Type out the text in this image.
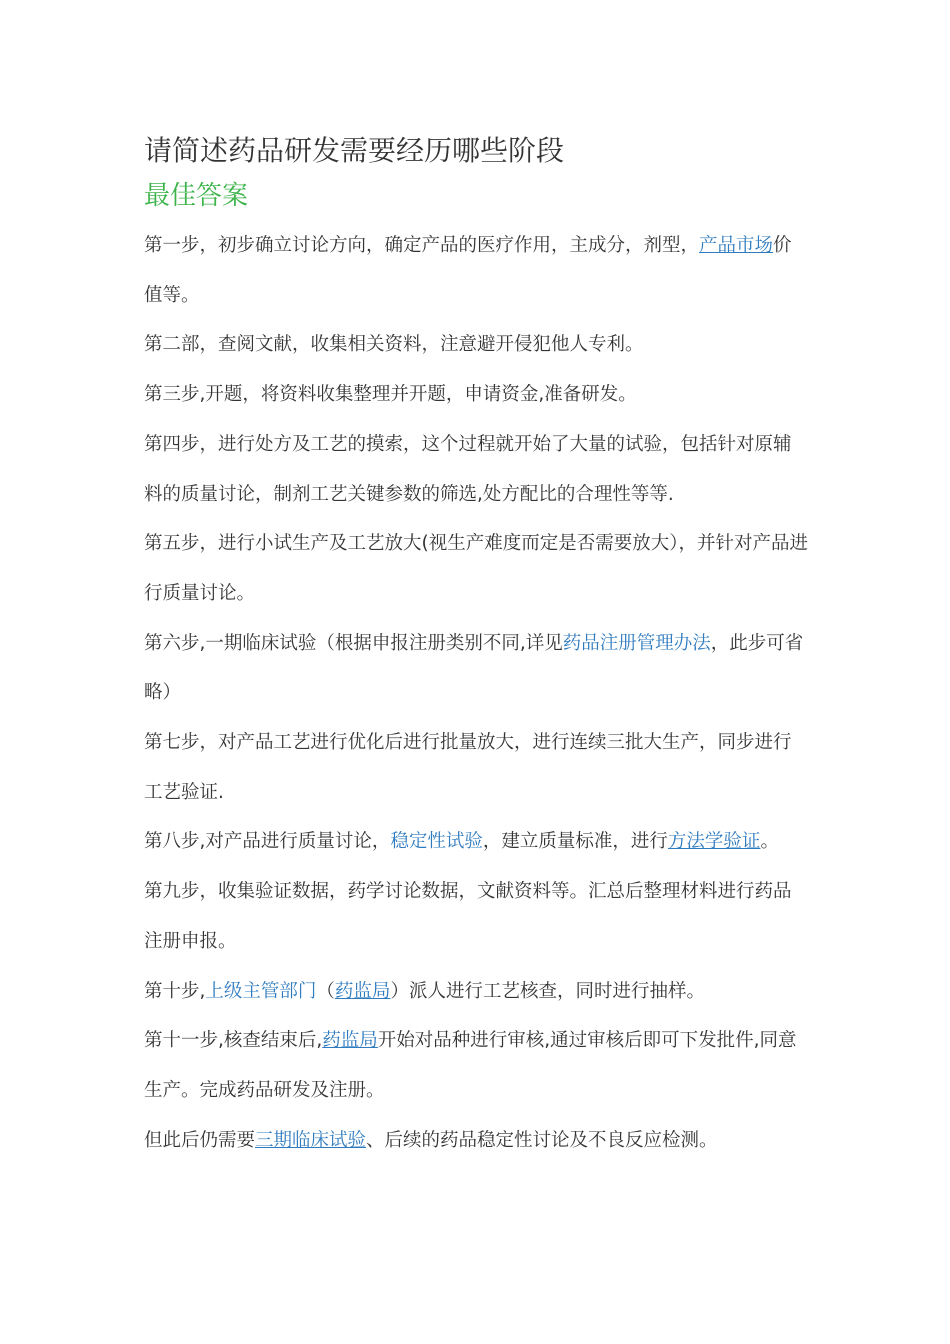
请简述药品研发需要经历哪些阶段
最佳答案

第一步，初步确立讨论方向，确定产品的医疗作用，主成分，剂型，产品市场价值等。

第二部，查阅文献，收集相关资料，注意避开侵犯他人专利。

第三步,开题，将资料收集整理并开题，申请资金,准备研发。

第四步，进行处方及工艺的摸索，这个过程就开始了大量的试验，包括针对原辅料的质量讨论，制剂工艺关键参数的筛选,处方配比的合理性等等.

第五步，进行小试生产及工艺放大(视生产难度而定是否需要放大），并针对产品进行质量讨论。

第六步,一期临床试验（根据申报注册类别不同,详见药品注册管理办法，此步可省略）

第七步，对产品工艺进行优化后进行批量放大，进行连续三批大生产，同步进行工艺验证.

第八步,对产品进行质量讨论，稳定性试验，建立质量标准，进行方法学验证。

第九步，收集验证数据，药学讨论数据，文献资料等。汇总后整理材料进行药品注册申报。

第十步,上级主管部门（药监局）派人进行工艺核查，同时进行抽样。

第十一步,核查结束后,药监局开始对品种进行审核,通过审核后即可下发批件,同意生产。完成药品研发及注册。

但此后仍需要三期临床试验、后续的药品稳定性讨论及不良反应检测。
